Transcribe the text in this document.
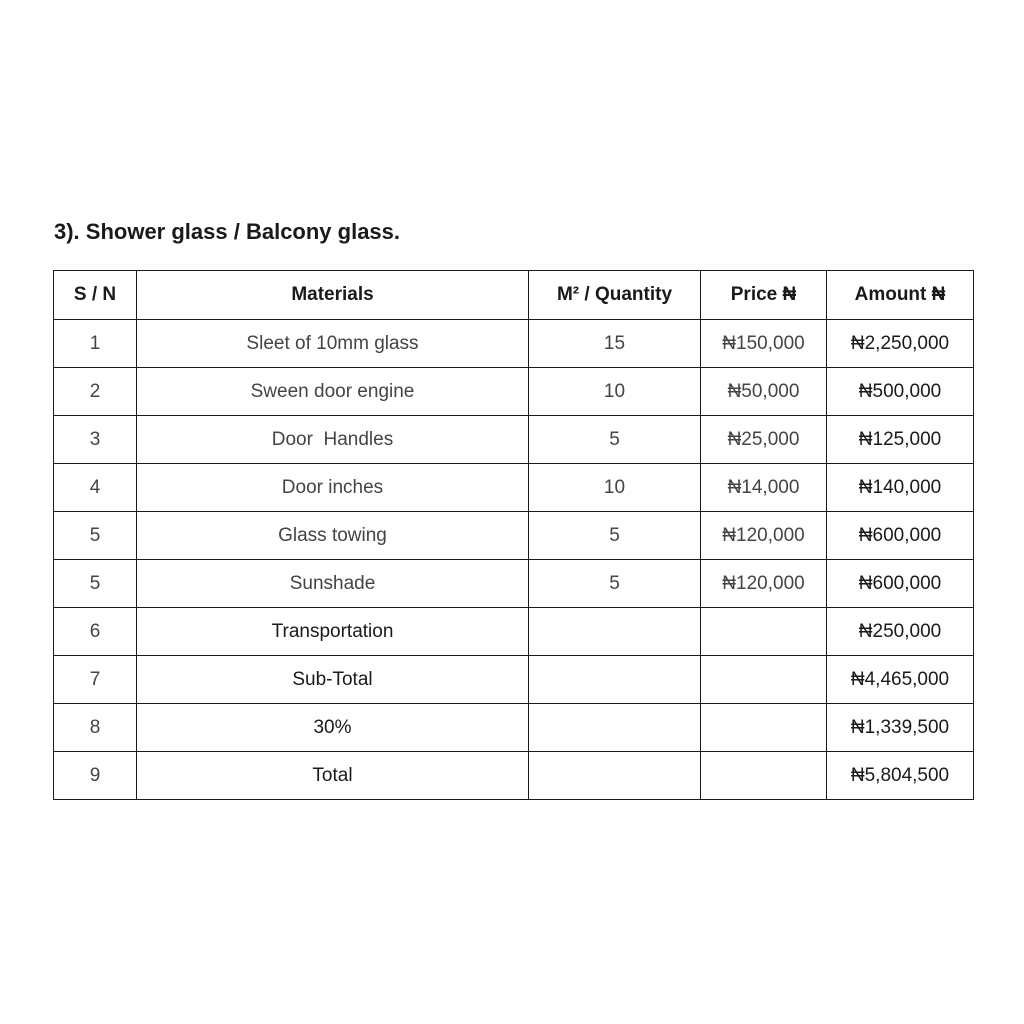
3). Shower glass / Balcony glass.
S / N	Materials	M² / Quantity	Price ₦	Amount ₦
1	Sleet of 10mm glass	15	₦150,000	₦2,250,000
2	Sween door engine	10	₦50,000	₦500,000
3	Door  Handles	5	₦25,000	₦125,000
4	Door inches	10	₦14,000	₦140,000
5	Glass towing	5	₦120,000	₦600,000
5	Sunshade	5	₦120,000	₦600,000
6	Transportation			₦250,000
7	Sub-Total			₦4,465,000
8	30%			₦1,339,500
9	Total			₦5,804,500
